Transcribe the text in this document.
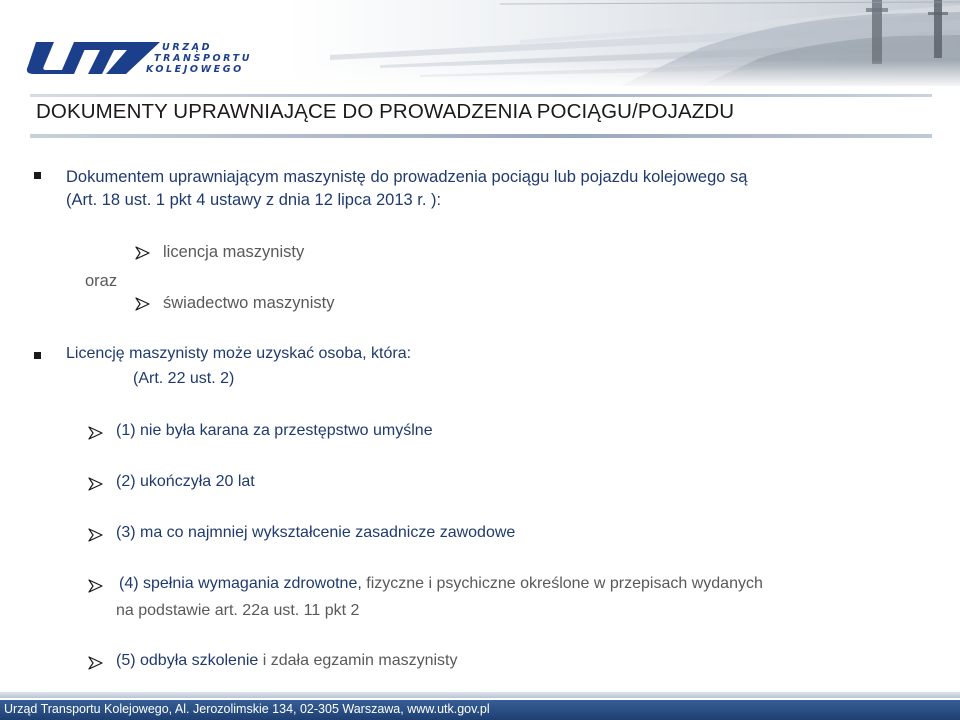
URZĄD
TRANSPORTU
KOLEJOWEGO
DOKUMENTY UPRAWNIAJĄCE DO PROWADZENIA POCIĄGU/POJAZDU
Dokumentem uprawniającym maszynistę do prowadzenia pociągu lub pojazdu kolejowego są
(Art. 18 ust. 1 pkt 4 ustawy z dnia 12 lipca 2013 r. ):
licencja maszynisty
oraz
świadectwo maszynisty
Licencję maszynisty może uzyskać osoba, która:
(Art. 22 ust. 2)
(1) nie była karana za przestępstwo umyślne
(2) ukończyła 20 lat
(3) ma co najmniej wykształcenie zasadnicze zawodowe
(4) spełnia wymagania zdrowotne, fizyczne i psychiczne określone w przepisach wydanych
na podstawie art. 22a ust. 11 pkt 2
(5) odbyła szkolenie i zdała egzamin maszynisty
Urząd Transportu Kolejowego, Al. Jerozolimskie 134, 02-305 Warszawa, www.utk.gov.pl
